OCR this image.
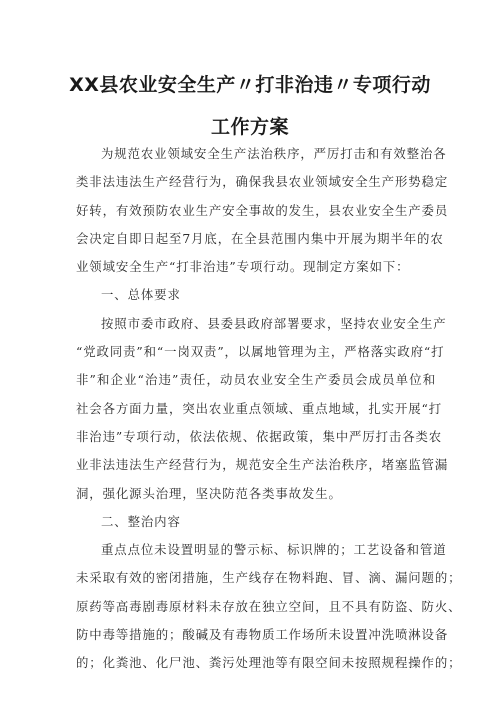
XX县农业安全生产〃打非治违〃专项行动
工作方案
为规范农业领域安全生产法治秩序，严厉打击和有效整治各
类非法违法生产经营行为，确保我县农业领域安全生产形势稳定
好转，有效预防农业生产安全事故的发生，县农业安全生产委员
会决定自即日起至7月底，在全县范围内集中开展为期半年的农
业领域安全生产“打非治违”专项行动。现制定方案如下：
一、总体要求
按照市委市政府、县委县政府部署要求，坚持农业安全生产
“党政同责”和“一岗双责”，以属地管理为主，严格落实政府“打
非”和企业“治违”责任，动员农业安全生产委员会成员单位和
社会各方面力量，突出农业重点领域、重点地域，扎实开展“打
非治违”专项行动，依法依规、依据政策，集中严厉打击各类农
业非法违法生产经营行为，规范安全生产法治秩序，堵塞监管漏
洞，强化源头治理，坚决防范各类事故发生。
二、整治内容
重点点位未设置明显的警示标、标识牌的；工艺设备和管道
未采取有效的密闭措施，生产线存在物料跑、冒、滴、漏问题的；
原药等高毒剧毒原材料未存放在独立空间，且不具有防盗、防火、
防中毒等措施的；酸碱及有毒物质工作场所未设置冲洗喷淋设备
的；化粪池、化尸池、粪污处理池等有限空间未按照规程操作的；
